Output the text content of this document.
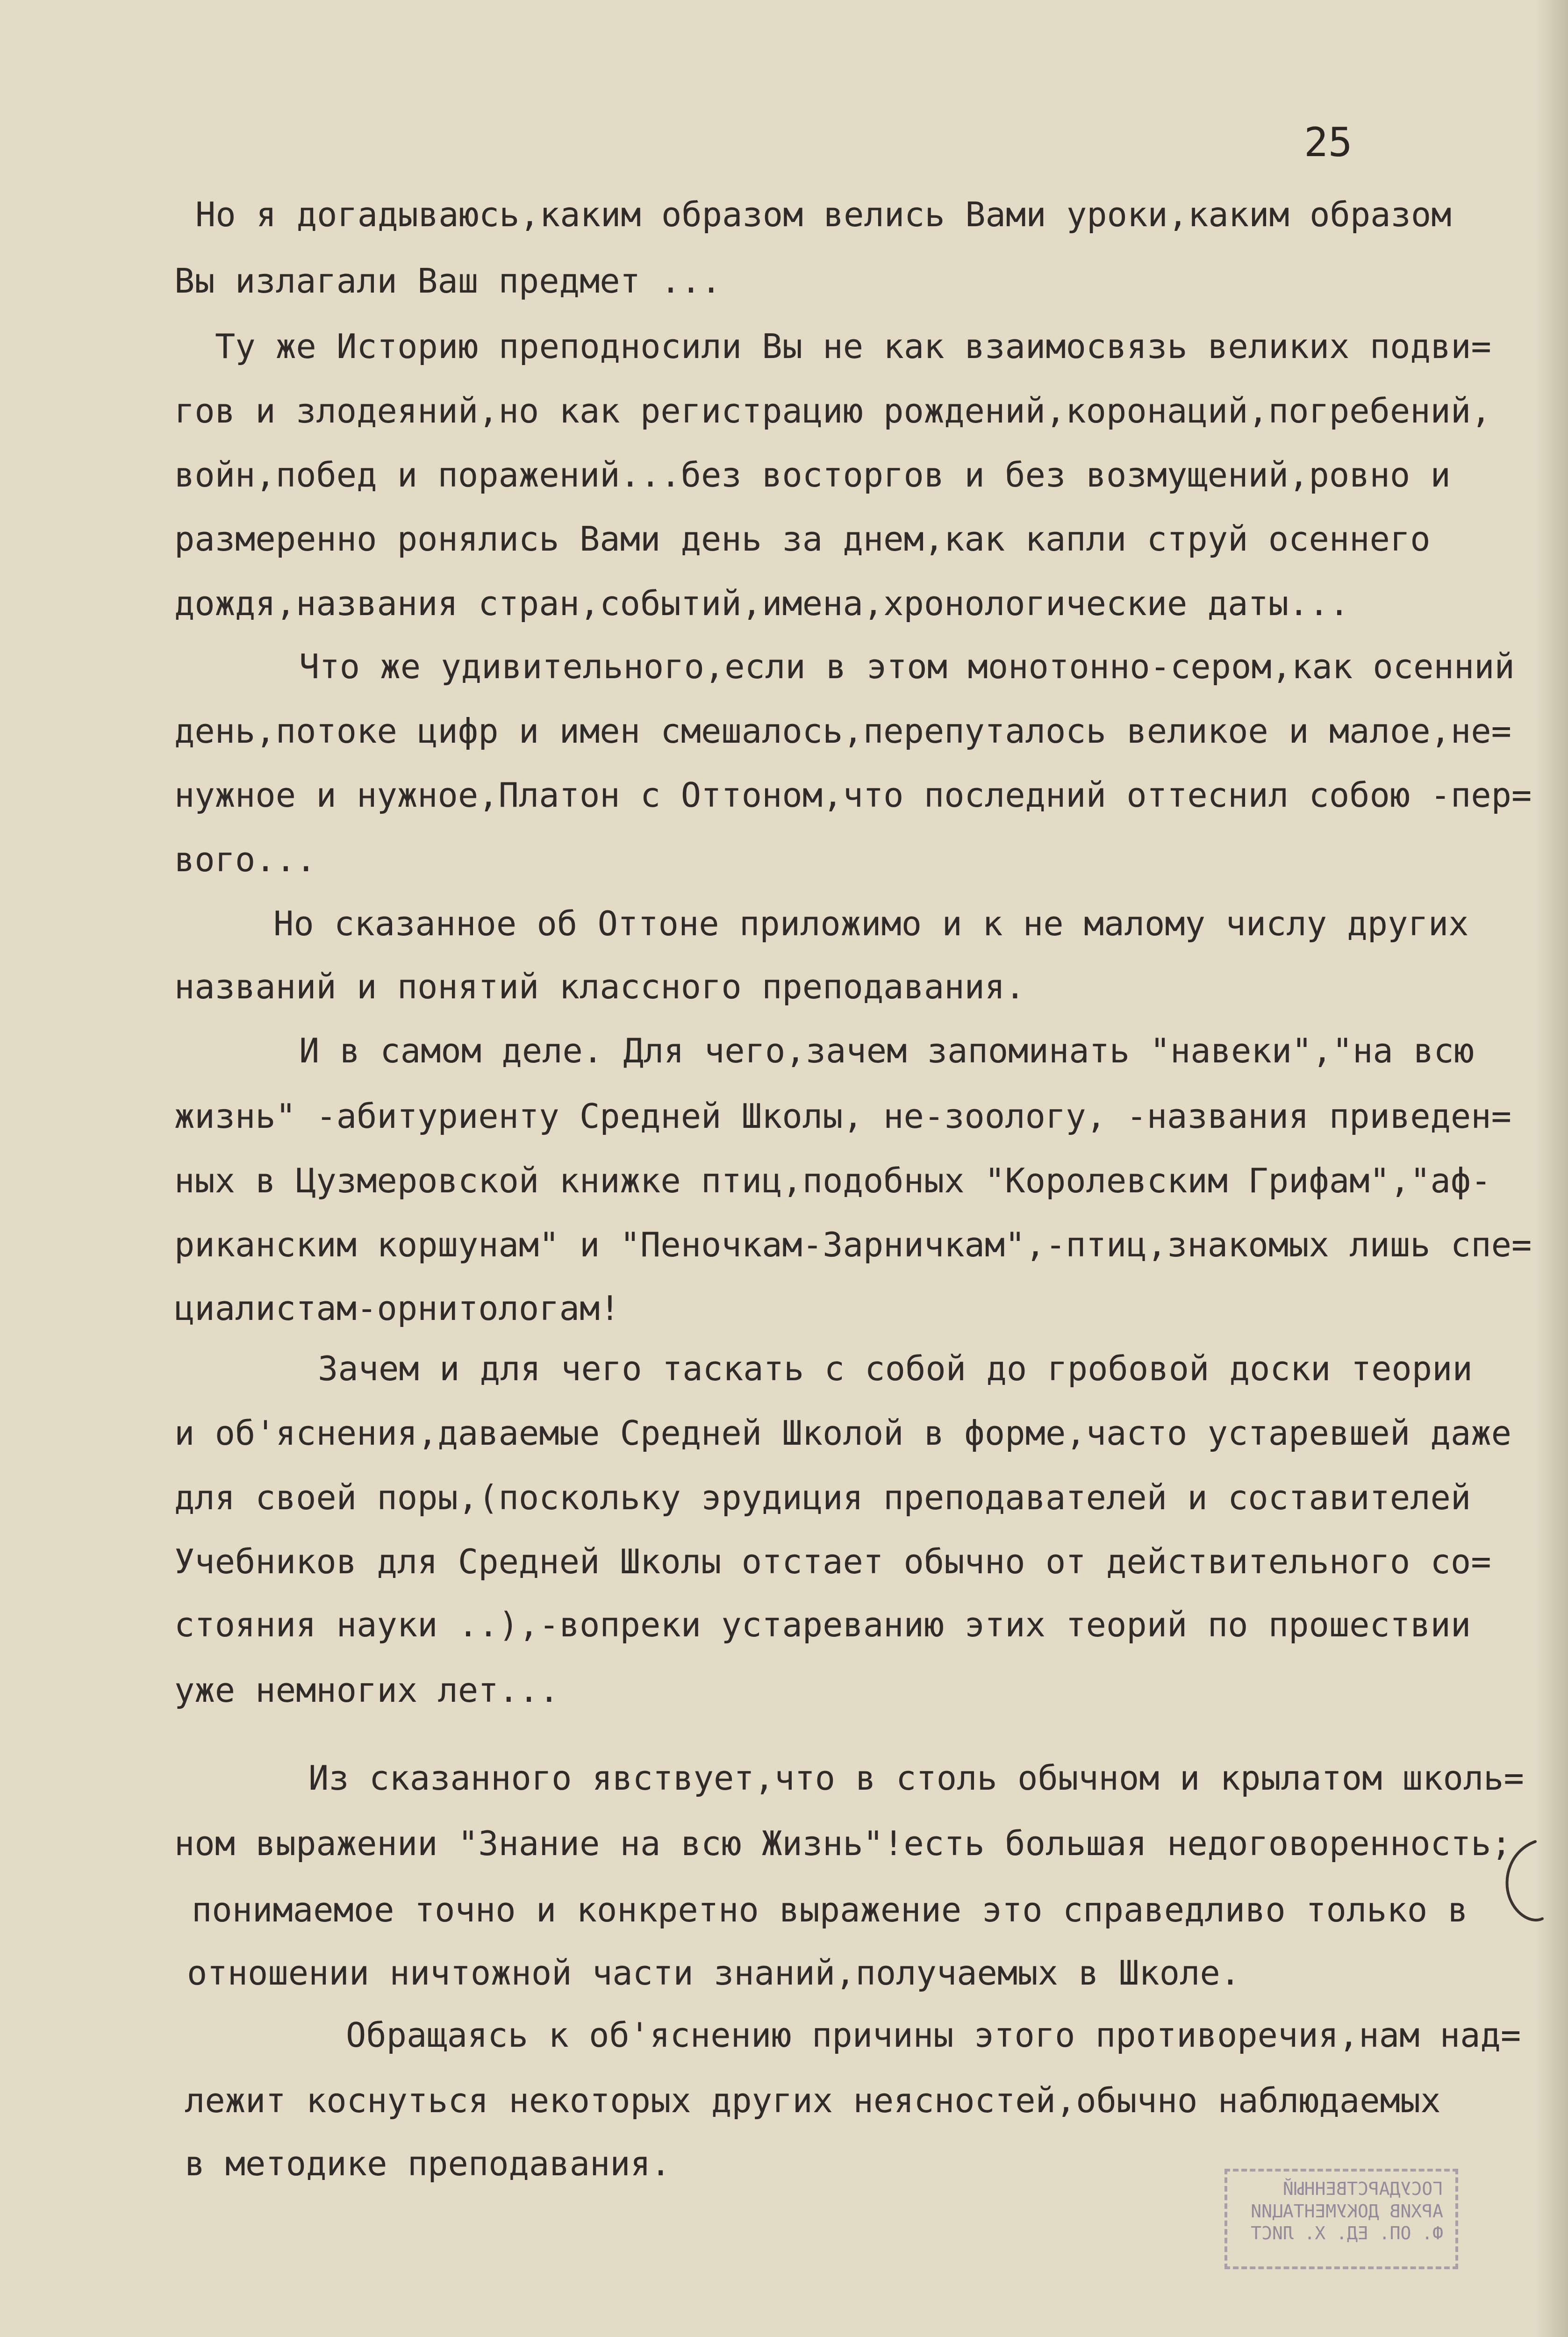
25
Но я догадываюсь,каким образом велись Вами уроки,каким образом
Вы излагали Ваш предмет ...
Ту же Историю преподносили Вы не как взаимосвязь великих подви=
гов и злодеяний,но как регистрацию рождений,коронаций,погребений,
войн,побед и поражений...без восторгов и без возмущений,ровно и
размеренно ронялись Вами день за днем,как капли струй осеннего
дождя,названия стран,событий,имена,хронологические даты...
Что же удивительного,если в этом монотонно-сером,как осенний
день,потоке цифр и имен смешалось,перепуталось великое и малое,не=
нужное и нужное,Платон с Оттоном,что последний оттеснил собою -пер=
вого...
Но сказанное об Оттоне приложимо и к не малому числу других
названий и понятий классного преподавания.
И в самом деле. Для чего,зачем запоминать "навеки","на всю
жизнь" -абитуриенту Средней Школы, не-зоологу, -названия приведен=
ных в Цузмеровской книжке птиц,подобных "Королевским Грифам","аф-
риканским коршунам" и "Пеночкам-Зарничкам",-птиц,знакомых лишь спе=
циалистам-орнитологам!
Зачем и для чего таскать с собой до гробовой доски теории
и об'яснения,даваемые Средней Школой в форме,часто устаревшей даже
для своей поры,(поскольку эрудиция преподавателей и составителей
Учебников для Средней Школы отстает обычно от действительного со=
стояния науки ..),-вопреки устареванию этих теорий по прошествии
уже немногих лет...
Из сказанного явствует,что в столь обычном и крылатом школь=
ном выражении "Знание на всю Жизнь"!есть большая недоговоренность;
понимаемое точно и конкретно выражение это справедливо только в
отношении ничтожной части знаний,получаемых в Школе.
Обращаясь к об'яснению причины этого противоречия,нам над=
лежит коснуться некоторых других неясностей,обычно наблюдаемых
в методике преподавания.
ГОСУДАРСТВЕННЫЙ
АРХИВ ДОКУМЕНТАЦИИ
Ф. ОП. ЕД. Х. ЛИСТ
